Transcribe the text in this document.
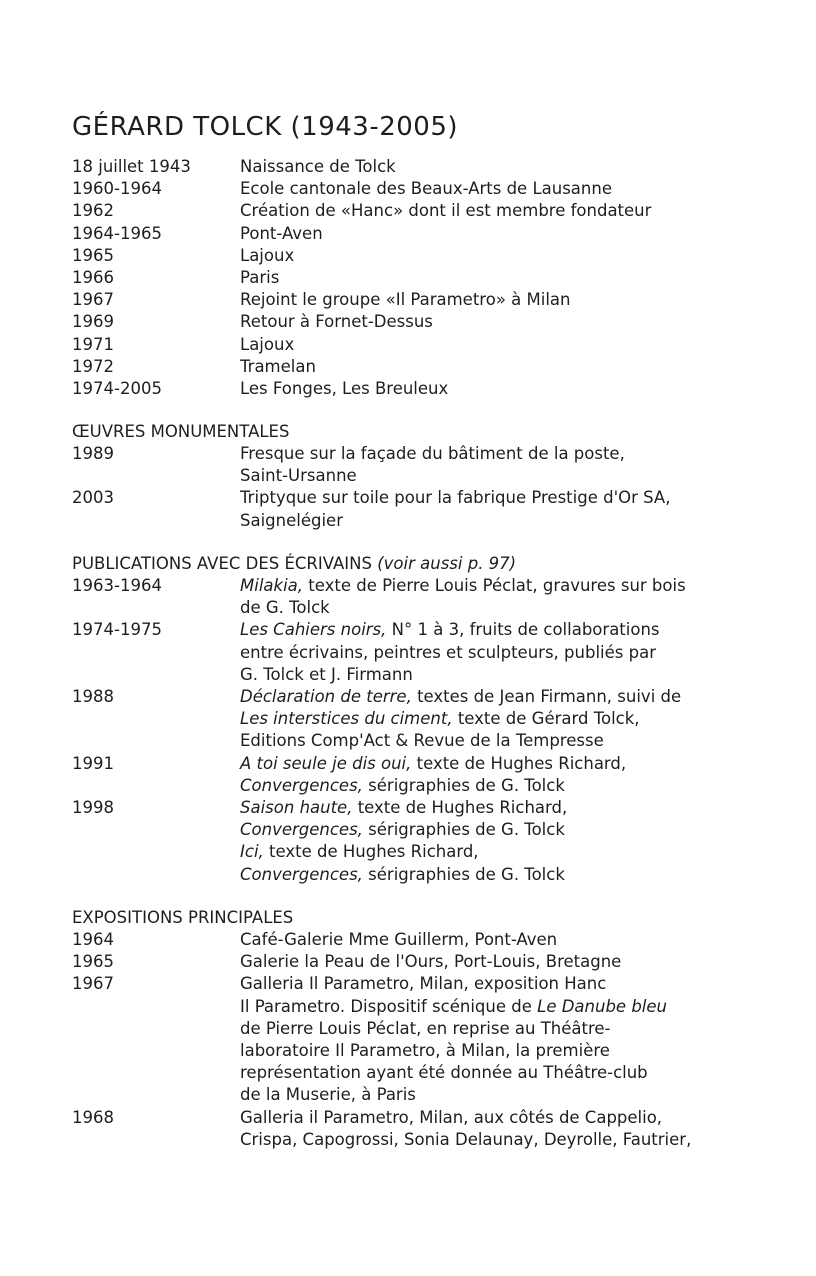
GÉRARD TOLCK (1943-2005)
18 juillet 1943	Naissance de Tolck
1960-1964	Ecole cantonale des Beaux-Arts de Lausanne
1962	Création de «Hanc» dont il est membre fondateur
1964-1965	Pont-Aven
1965	Lajoux
1966	Paris
1967	Rejoint le groupe «Il Parametro» à Milan
1969	Retour à Fornet-Dessus
1971	Lajoux
1972	Tramelan
1974-2005	Les Fonges, Les Breuleux
ŒUVRES MONUMENTALES
1989	Fresque sur la façade du bâtiment de la poste,
Saint-Ursanne
2003	Triptyque sur toile pour la fabrique Prestige d'Or SA,
Saignelégier
PUBLICATIONS AVEC DES ÉCRIVAINS (voir aussi p. 97)
1963-1964	Milakia, texte de Pierre Louis Péclat, gravures sur bois
de G. Tolck
1974-1975	Les Cahiers noirs, N° 1 à 3, fruits de collaborations
entre écrivains, peintres et sculpteurs, publiés par
G. Tolck et J. Firmann
1988	Déclaration de terre, textes de Jean Firmann, suivi de
Les interstices du ciment, texte de Gérard Tolck,
Editions Comp'Act & Revue de la Tempresse
1991	A toi seule je dis oui, texte de Hughes Richard,
Convergences, sérigraphies de G. Tolck
1998	Saison haute, texte de Hughes Richard,
Convergences, sérigraphies de G. Tolck
Ici, texte de Hughes Richard,
Convergences, sérigraphies de G. Tolck
EXPOSITIONS PRINCIPALES
1964	Café-Galerie Mme Guillerm, Pont-Aven
1965	Galerie la Peau de l'Ours, Port-Louis, Bretagne
1967	Galleria Il Parametro, Milan, exposition Hanc
Il Parametro. Dispositif scénique de Le Danube bleu
de Pierre Louis Péclat, en reprise au Théâtre-
laboratoire Il Parametro, à Milan, la première
représentation ayant été donnée au Théâtre-club
de la Muserie, à Paris
1968	Galleria il Parametro, Milan, aux côtés de Cappelio,
Crispa, Capogrossi, Sonia Delaunay, Deyrolle, Fautrier,
